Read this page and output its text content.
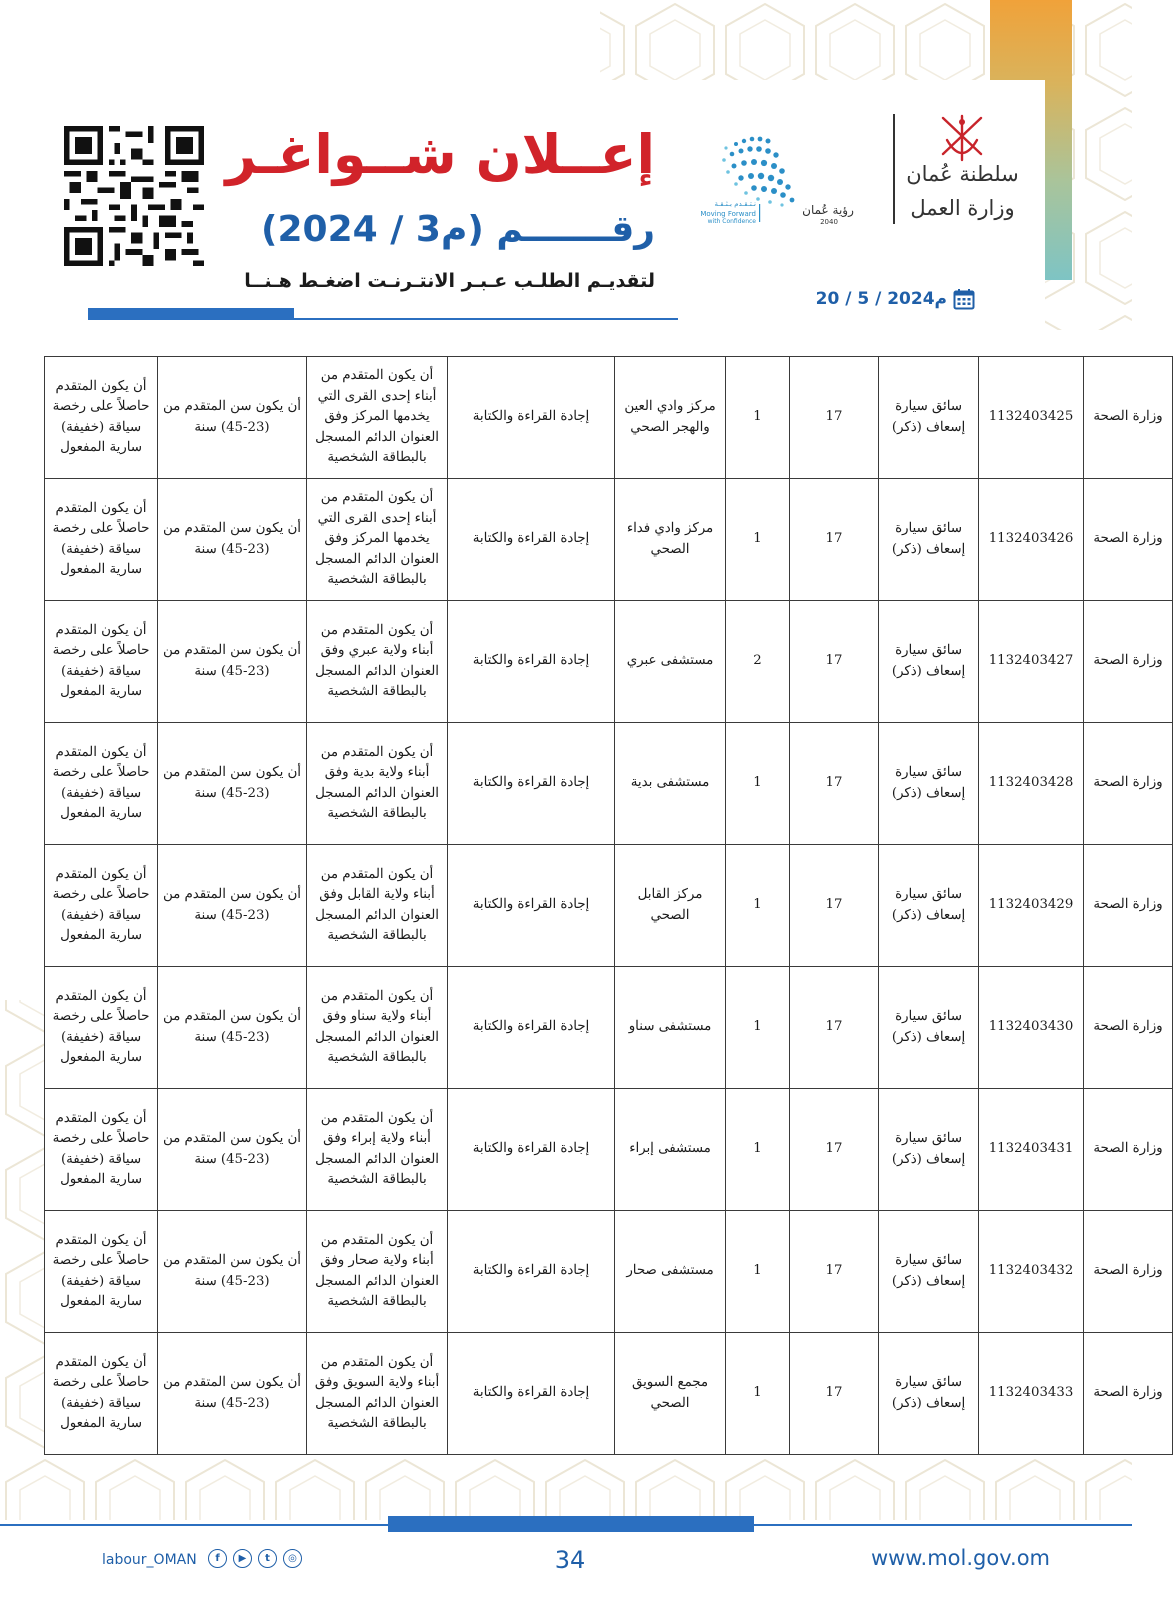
إعــلان شــواغـر
رقـــــــم (م3 / 2024)
لتقديـم الطلـب عـبـر الانتـرنـت اضغـط هـنــا
نـتـقـدم بـثـقـة
Moving Forward
with Confidence
رؤية عُمان
2040
سلطنة عُمان
وزارة العمل
20 / 5 / 2024م
وزارة الصحة	1132403425	سائق سيارة إسعاف (ذكر)	17	1	مركز وادي العين والهجر الصحي	إجادة القراءة والكتابة	أن يكون المتقدم من أبناء إحدى القرى التي يخدمها المركز وفق العنوان الدائم المسجل بالبطاقة الشخصية	أن يكون سن المتقدم من (23-45) سنة	أن يكون المتقدم حاصلاً على رخصة سياقة (خفيفة) سارية المفعول
وزارة الصحة	1132403426	سائق سيارة إسعاف (ذكر)	17	1	مركز وادي فداء الصحي	إجادة القراءة والكتابة	أن يكون المتقدم من أبناء إحدى القرى التي يخدمها المركز وفق العنوان الدائم المسجل بالبطاقة الشخصية	أن يكون سن المتقدم من (23-45) سنة	أن يكون المتقدم حاصلاً على رخصة سياقة (خفيفة) سارية المفعول
وزارة الصحة	1132403427	سائق سيارة إسعاف (ذكر)	17	2	مستشفى عبري	إجادة القراءة والكتابة	أن يكون المتقدم من أبناء ولاية عبري وفق العنوان الدائم المسجل بالبطاقة الشخصية	أن يكون سن المتقدم من (23-45) سنة	أن يكون المتقدم حاصلاً على رخصة سياقة (خفيفة) سارية المفعول
وزارة الصحة	1132403428	سائق سيارة إسعاف (ذكر)	17	1	مستشفى بدية	إجادة القراءة والكتابة	أن يكون المتقدم من أبناء ولاية بدية وفق العنوان الدائم المسجل بالبطاقة الشخصية	أن يكون سن المتقدم من (23-45) سنة	أن يكون المتقدم حاصلاً على رخصة سياقة (خفيفة) سارية المفعول
وزارة الصحة	1132403429	سائق سيارة إسعاف (ذكر)	17	1	مركز القابل الصحي	إجادة القراءة والكتابة	أن يكون المتقدم من أبناء ولاية القابل وفق العنوان الدائم المسجل بالبطاقة الشخصية	أن يكون سن المتقدم من (23-45) سنة	أن يكون المتقدم حاصلاً على رخصة سياقة (خفيفة) سارية المفعول
وزارة الصحة	1132403430	سائق سيارة إسعاف (ذكر)	17	1	مستشفى سناو	إجادة القراءة والكتابة	أن يكون المتقدم من أبناء ولاية سناو وفق العنوان الدائم المسجل بالبطاقة الشخصية	أن يكون سن المتقدم من (23-45) سنة	أن يكون المتقدم حاصلاً على رخصة سياقة (خفيفة) سارية المفعول
وزارة الصحة	1132403431	سائق سيارة إسعاف (ذكر)	17	1	مستشفى إبراء	إجادة القراءة والكتابة	أن يكون المتقدم من أبناء ولاية إبراء وفق العنوان الدائم المسجل بالبطاقة الشخصية	أن يكون سن المتقدم من (23-45) سنة	أن يكون المتقدم حاصلاً على رخصة سياقة (خفيفة) سارية المفعول
وزارة الصحة	1132403432	سائق سيارة إسعاف (ذكر)	17	1	مستشفى صحار	إجادة القراءة والكتابة	أن يكون المتقدم من أبناء ولاية صحار وفق العنوان الدائم المسجل بالبطاقة الشخصية	أن يكون سن المتقدم من (23-45) سنة	أن يكون المتقدم حاصلاً على رخصة سياقة (خفيفة) سارية المفعول
وزارة الصحة	1132403433	سائق سيارة إسعاف (ذكر)	17	1	مجمع السويق الصحي	إجادة القراءة والكتابة	أن يكون المتقدم من أبناء ولاية السويق وفق العنوان الدائم المسجل بالبطاقة الشخصية	أن يكون سن المتقدم من (23-45) سنة	أن يكون المتقدم حاصلاً على رخصة سياقة (خفيفة) سارية المفعول
labour_OMAN	f	▶	t	◎	34	www.mol.gov.om
